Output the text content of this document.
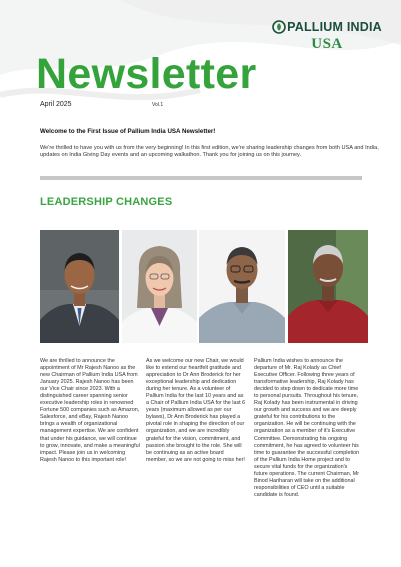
PALLIUM INDIA
USA
Newsletter
April 2025	Vol.1
Welcome to the First Issue of Pallium India USA Newsletter!
We're thrilled to have you with us from the very beginning! In this first edition, we're sharing leadership changes from both USA and India, updates on India Giving Day events and an upcoming walkathon. Thank you for joining us on this journey.
LEADERSHIP CHANGES
We are thrilled to announce the appointment of Mr Rajesh Nanoo as the new Chairman of Pallium India USA from January 2025. Rajesh Nanoo has been our Vice Chair since 2023. With a distinguished career spanning senior executive leadership roles in renowned Fortune 500 companies such as Amazon, Salesforce, and eBay, Rajesh Nanoo brings a wealth of organizational management expertise. We are confident that under his guidance, we will continue to grow, innovate, and make a meaningful impact. Please join us in welcoming Rajesh Nanoo to this important role!
As we welcome our new Chair, we would like to extend our heartfelt gratitude and appreciation to Dr Ann Broderick for her exceptional leadership and dedication during her tenure. As a volunteer of Pallium India for the last 10 years and as a Chair of Pallium India USA for the last 6 years (maximum allowed as per our bylaws), Dr Ann Broderick has played a pivotal role in shaping the direction of our organization, and we are incredibly grateful for the vision, commitment, and passion she brought to the role. She will be continuing as an active board member, so we are not going to miss her!
Pallium India wishes to announce the departure of Mr. Raj Kolady as Chief Executive Officer. Following three years of transformative leadership, Raj Kolady has decided to step down to dedicate more time to personal pursuits. Throughout his tenure, Raj Kolady has been instrumental in driving our growth and success and we are deeply grateful for his contributions to the organization. He will be continuing with the organization as a member of it's Executive Committee. Demonstrating his ongoing commitment, he has agreed to volunteer his time to guarantee the successful completion of the Pallium India Home project and to secure vital funds for the organization's future operations. The current Chairman, Mr Binod Hariharan will take on the additional responsibilities of CEO until a suitable candidate is found.
